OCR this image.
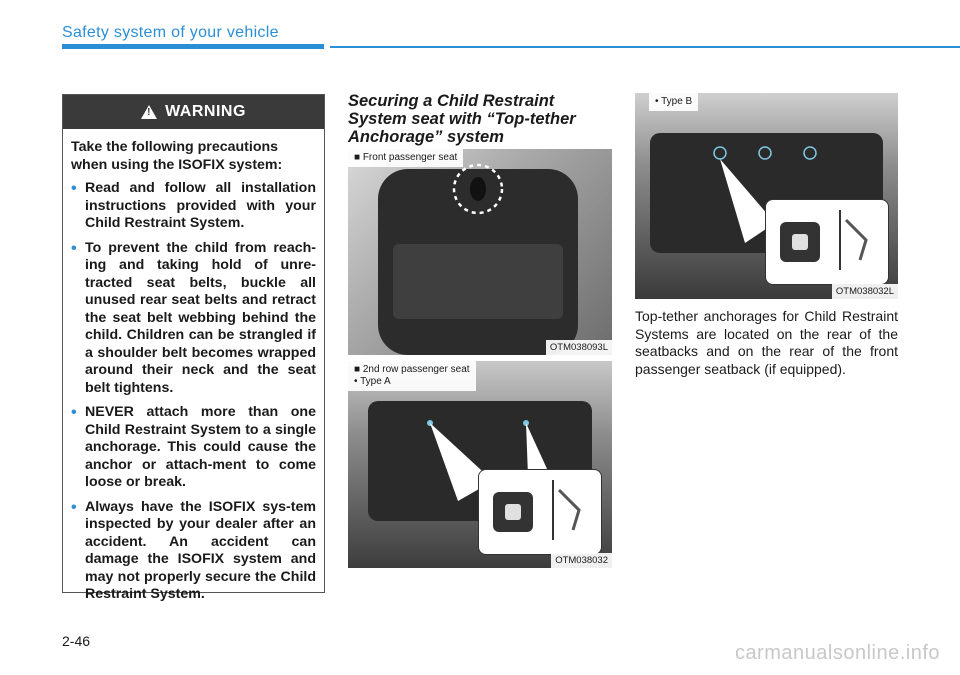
Safety system of your vehicle
! WARNING

Take the following precautions when using the ISOFIX system:

• Read and follow all installation instructions provided with your Child Restraint System.
• To prevent the child from reach-ing and taking hold of unre-tracted seat belts, buckle all unused rear seat belts and retract the seat belt webbing behind the child. Children can be strangled if a shoulder belt becomes wrapped around their neck and the seat belt tightens.
• NEVER attach more than one Child Restraint System to a single anchorage. This could cause the anchor or attach-ment to come loose or break.
• Always have the ISOFIX sys-tem inspected by your dealer after an accident. An accident can damage the ISOFIX system and may not properly secure the Child Restraint System.
Securing a Child Restraint System seat with “Top-tether Anchorage” system
■ Front passenger seat
OTM038093L
■ 2nd row passenger seat
• Type A
OTM038032
• Type B
OTM038032L
Top-tether anchorages for Child Restraint Systems are located on the rear of the seatbacks and on the rear of the front passenger seatback (if equipped).
2-46
carmanualsonline.info
